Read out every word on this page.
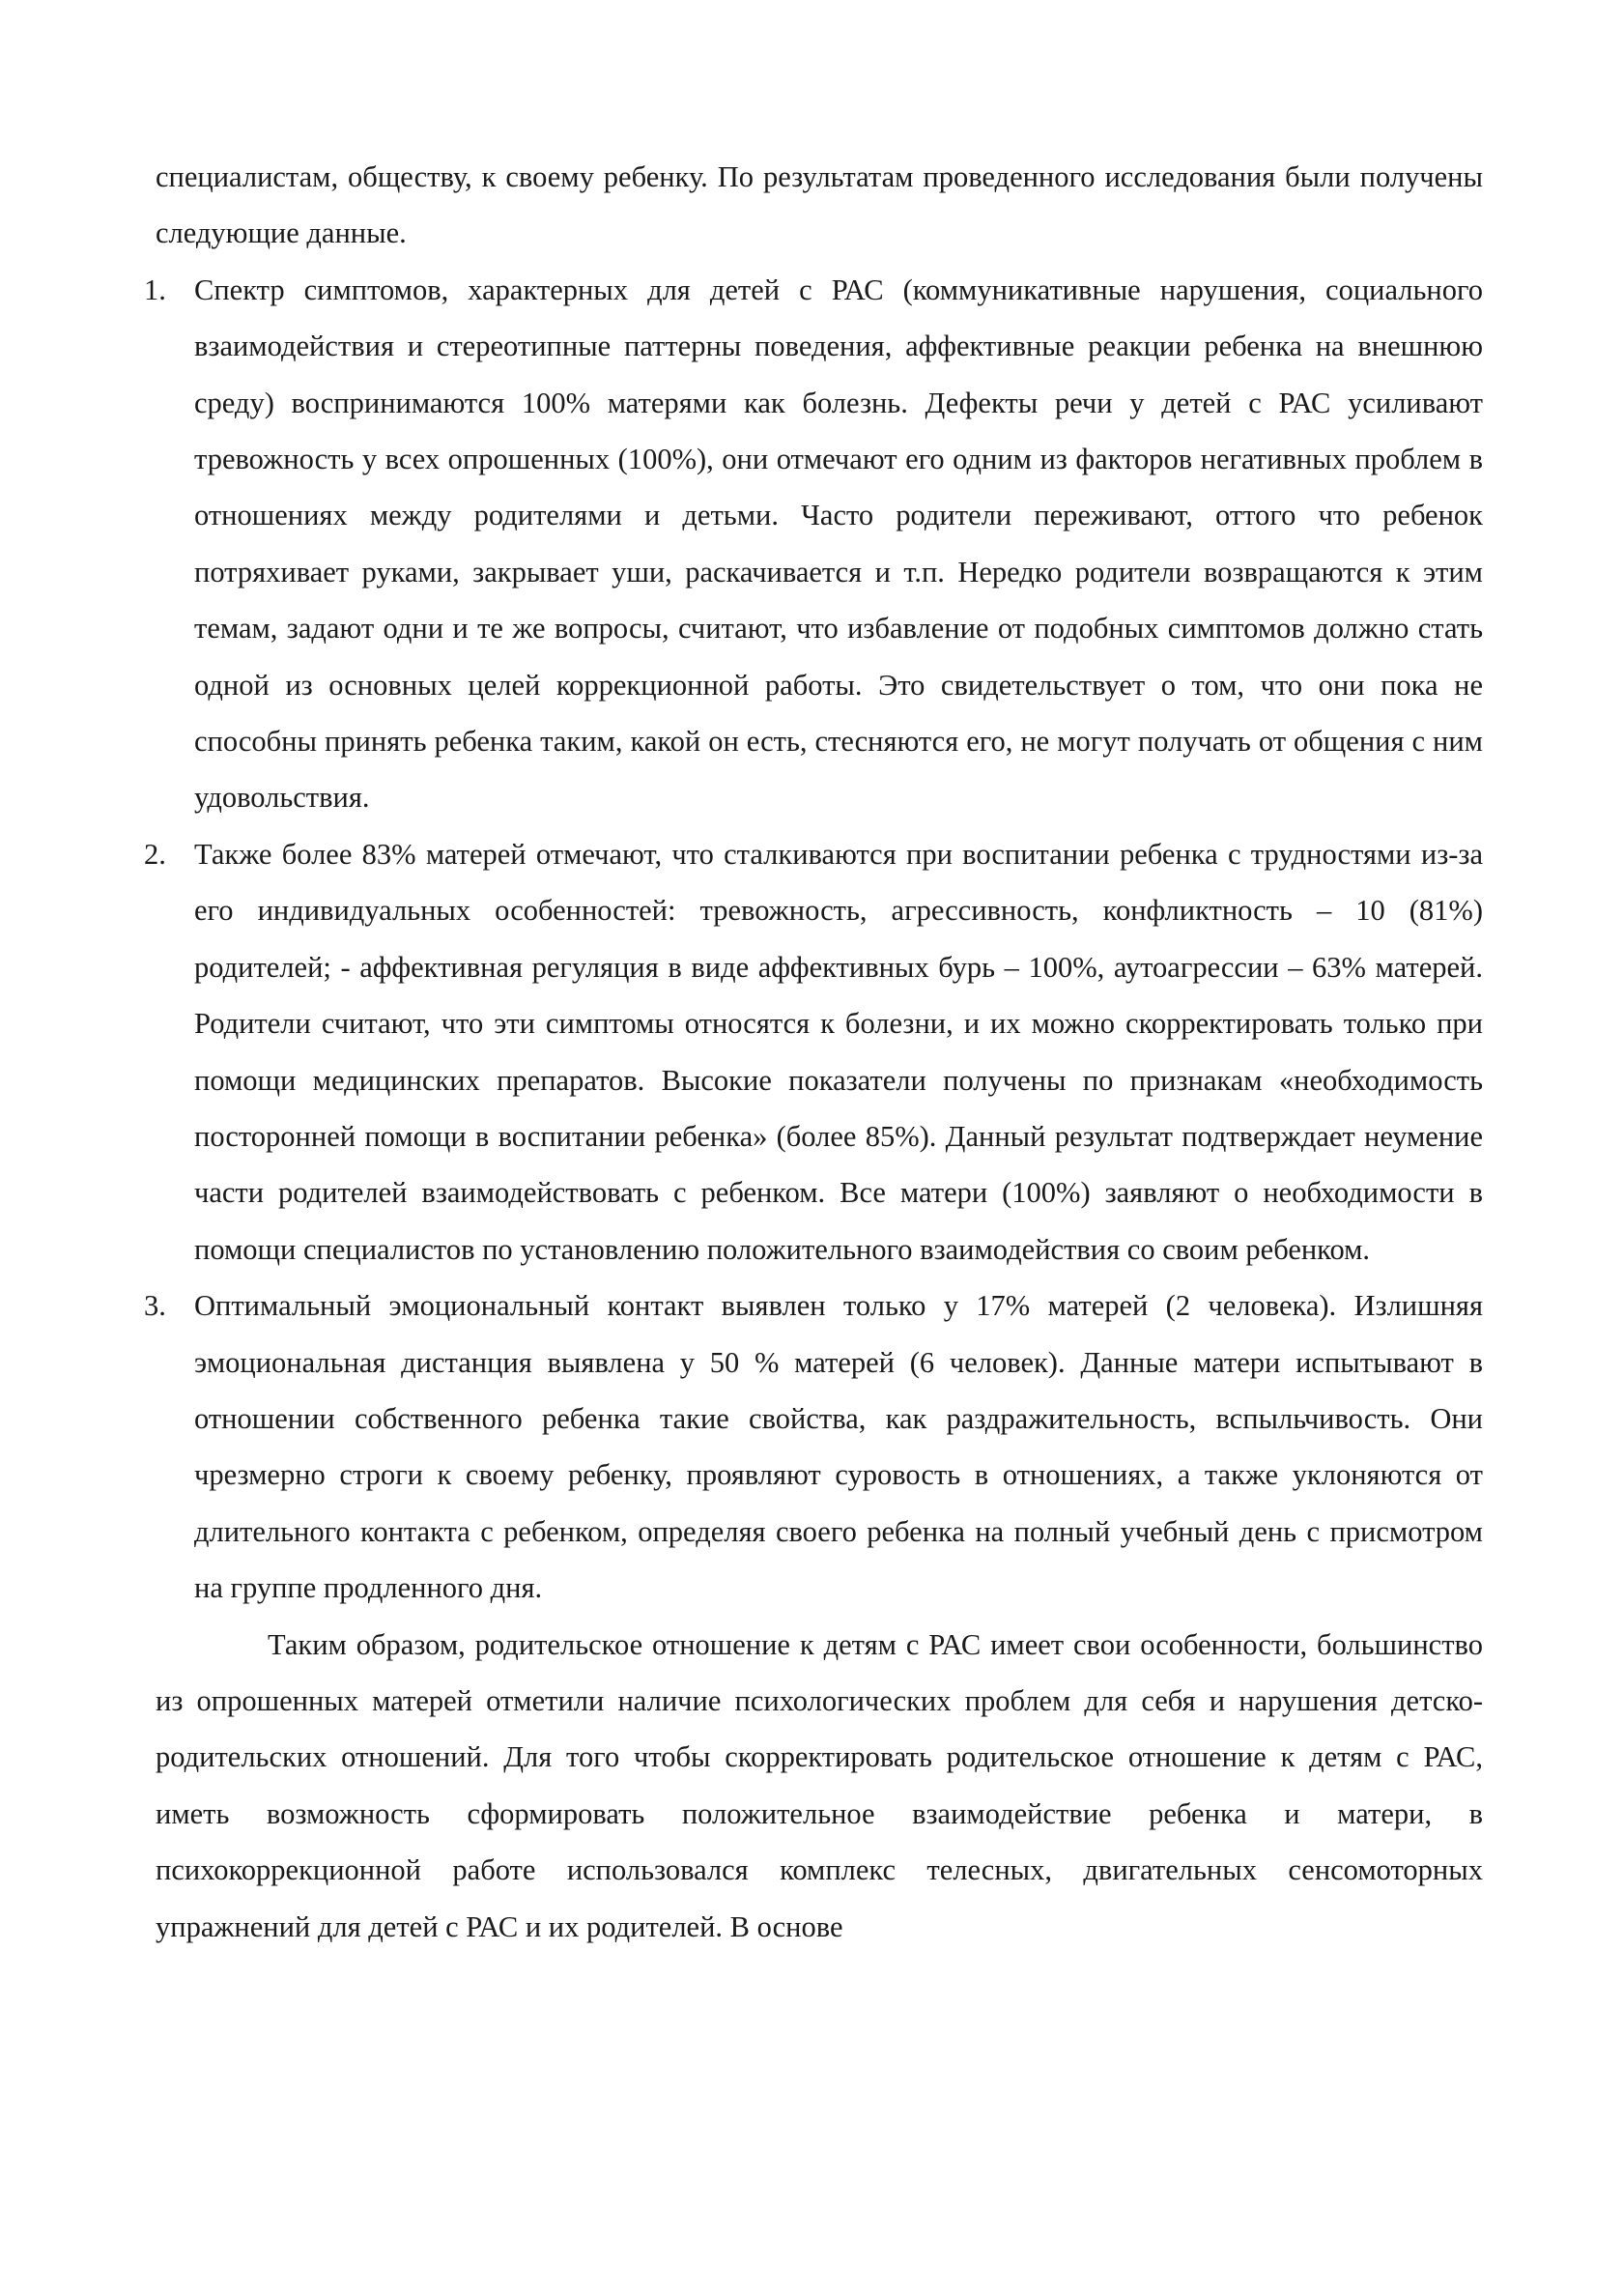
специалистам, обществу, к своему ребенку. По результатам проведенного исследования были получены следующие данные.

1. Спектр симптомов, характерных для детей с РАС (коммуникативные нарушения, социального взаимодействия и стереотипные паттерны поведения, аффективные реакции ребенка на внешнюю среду) воспринимаются 100% матерями как болезнь. Дефекты речи у детей с РАС усиливают тревожность у всех опрошенных (100%), они отмечают его одним из факторов негативных проблем в отношениях между родителями и детьми. Часто родители переживают, оттого что ребенок потряхивает руками, закрывает уши, раскачивается и т.п. Нередко родители возвращаются к этим темам, задают одни и те же вопросы, считают, что избавление от подобных симптомов должно стать одной из основных целей коррекционной работы. Это свидетельствует о том, что они пока не способны принять ребенка таким, какой он есть, стесняются его, не могут получать от общения с ним удовольствия.
2. Также более 83% матерей отмечают, что сталкиваются при воспитании ребенка с трудностями из-за его индивидуальных особенностей: тревожность, агрессивность, конфликтность – 10 (81%) родителей; - аффективная регуляция в виде аффективных бурь – 100%, аутоагрессии – 63% матерей. Родители считают, что эти симптомы относятся к болезни, и их можно скорректировать только при помощи медицинских препаратов. Высокие показатели получены по признакам «необходимость посторонней помощи в воспитании ребенка» (более 85%). Данный результат подтверждает неумение части родителей взаимодействовать с ребенком. Все матери (100%) заявляют о необходимости в помощи специалистов по установлению положительного взаимодействия со своим ребенком.
3. Оптимальный эмоциональный контакт выявлен только у 17% матерей (2 человека). Излишняя эмоциональная дистанция выявлена у 50 % матерей (6 человек). Данные матери испытывают в отношении собственного ребенка такие свойства, как раздражительность, вспыльчивость. Они чрезмерно строги к своему ребенку, проявляют суровость в отношениях, а также уклоняются от длительного контакта с ребенком, определяя своего ребенка на полный учебный день с присмотром на группе продленного дня.

Таким образом, родительское отношение к детям с РАС имеет свои особенности, большинство из опрошенных матерей отметили наличие психологических проблем для себя и нарушения детско-родительских отношений. Для того чтобы скорректировать родительское отношение к детям с РАС, иметь возможность сформировать положительное взаимодействие ребенка и матери, в психокоррекционной работе использовался комплекс телесных, двигательных сенсомоторных упражнений для детей с РАС и их родителей. В основе
